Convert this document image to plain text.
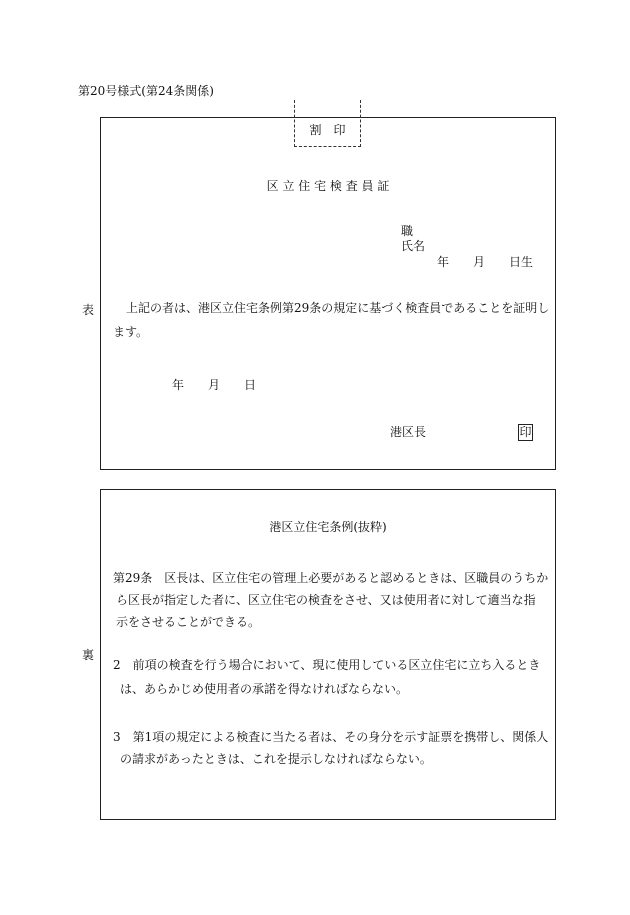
第20号様式(第24条関係)
割　印
表
区 立 住 宅 検 査 員 証
職
氏名
年　　月　　日生
上記の者は、港区立住宅条例第29条の規定に基づく検査員であることを証明し
ます。
年　　月　　日
港区長	印
裏
港区立住宅条例(抜粋)
第29条　区長は、区立住宅の管理上必要があると認めるときは、区職員のうちか
ら区長が指定した者に、区立住宅の検査をさせ、又は使用者に対して適当な指
示をさせることができる。
2　前項の検査を行う場合において、現に使用している区立住宅に立ち入るとき
は、あらかじめ使用者の承諾を得なければならない。
3　第1項の規定による検査に当たる者は、その身分を示す証票を携帯し、関係人
の請求があったときは、これを提示しなければならない。
